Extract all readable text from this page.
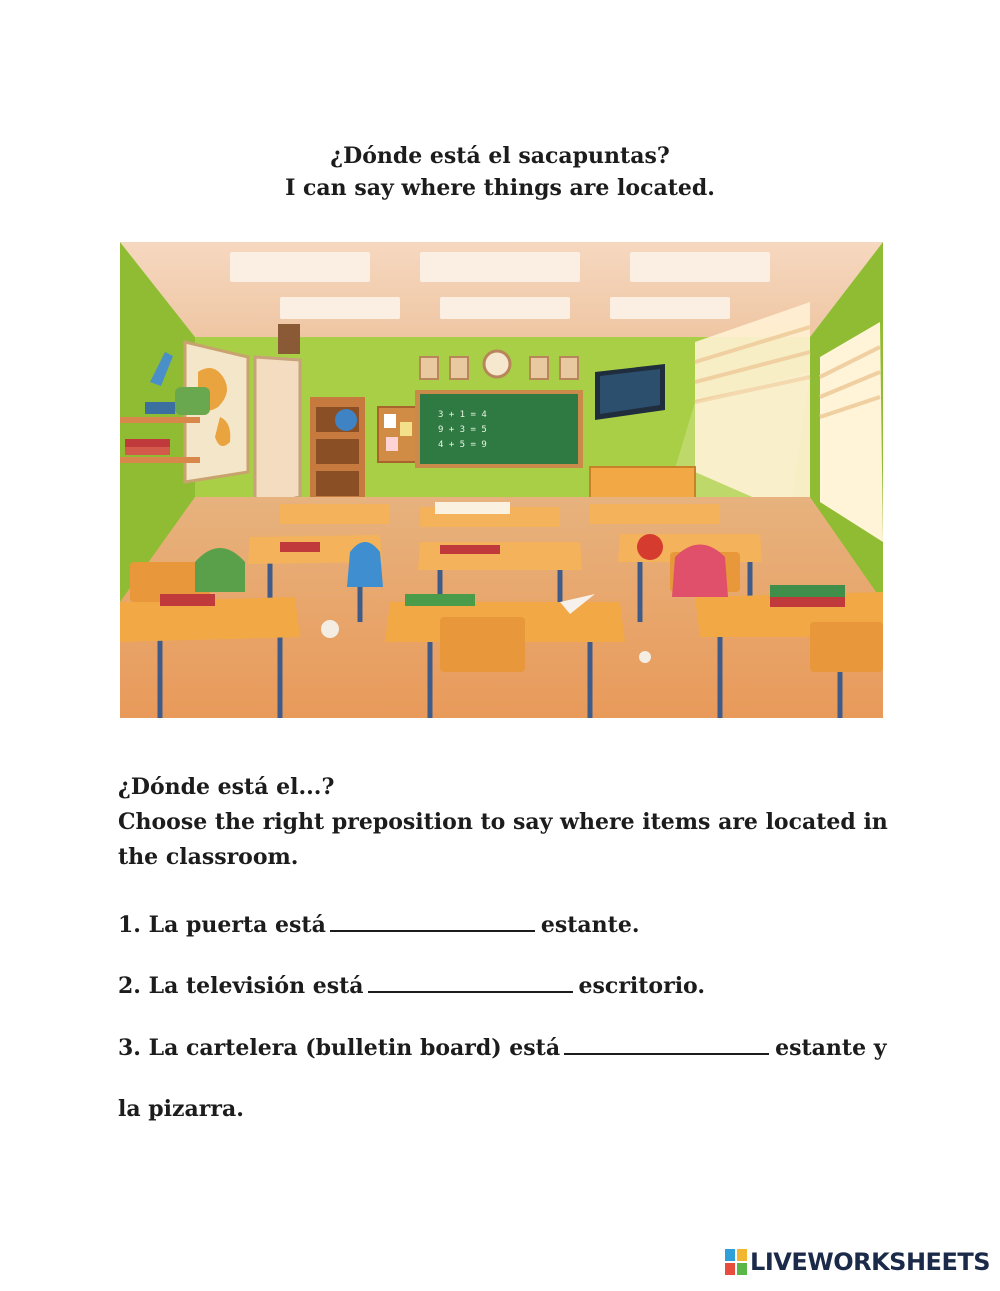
¿Dónde está el sacapuntas?
I can say where things are located.
3 + 1 = 4
9 + 3 = 5
4 + 5 = 9
¿Dónde está el...?
Choose the right preposition to say where items are located in the classroom.
1. La puerta está	estante.
2. La televisión está	escritorio.
3. La cartelera (bulletin board) está	estante y
la pizarra.
LIVEWORKSHEETS
